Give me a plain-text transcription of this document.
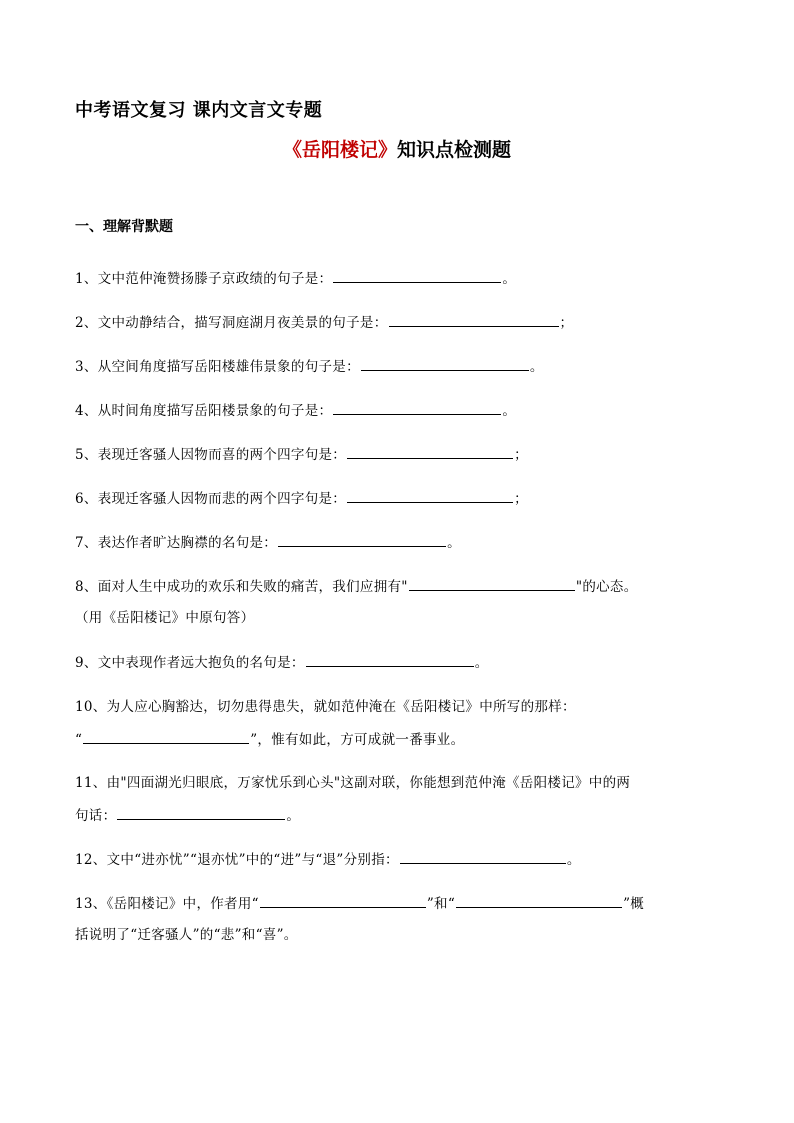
中考语文复习 课内文言文专题
《岳阳楼记》知识点检测题
一、理解背默题
1、文中范仲淹赞扬滕子京政绩的句子是：	。
2、文中动静结合，描写洞庭湖月夜美景的句子是：	；
3、从空间角度描写岳阳楼雄伟景象的句子是：	。
4、从时间角度描写岳阳楼景象的句子是：	。
5、表现迁客骚人因物而喜的两个四字句是：	；
6、表现迁客骚人因物而悲的两个四字句是：	；
7、表达作者旷达胸襟的名句是：	。
8、面对人生中成功的欢乐和失败的痛苦，我们应拥有"	"的心态。
（用《岳阳楼记》中原句答）
9、文中表现作者远大抱负的名句是：	。
10、为人应心胸豁达，切勿患得患失，就如范仲淹在《岳阳楼记》中所写的那样：
“	”，惟有如此，方可成就一番事业。
11、由"四面湖光归眼底，万家忧乐到心头"这副对联，你能想到范仲淹《岳阳楼记》中的两
句话：	。
12、文中“进亦忧”“退亦忧”中的“进”与“退”分别指：	。
13、《岳阳楼记》中，作者用“	”和“	”概
括说明了“迁客骚人”的“悲”和“喜”。
